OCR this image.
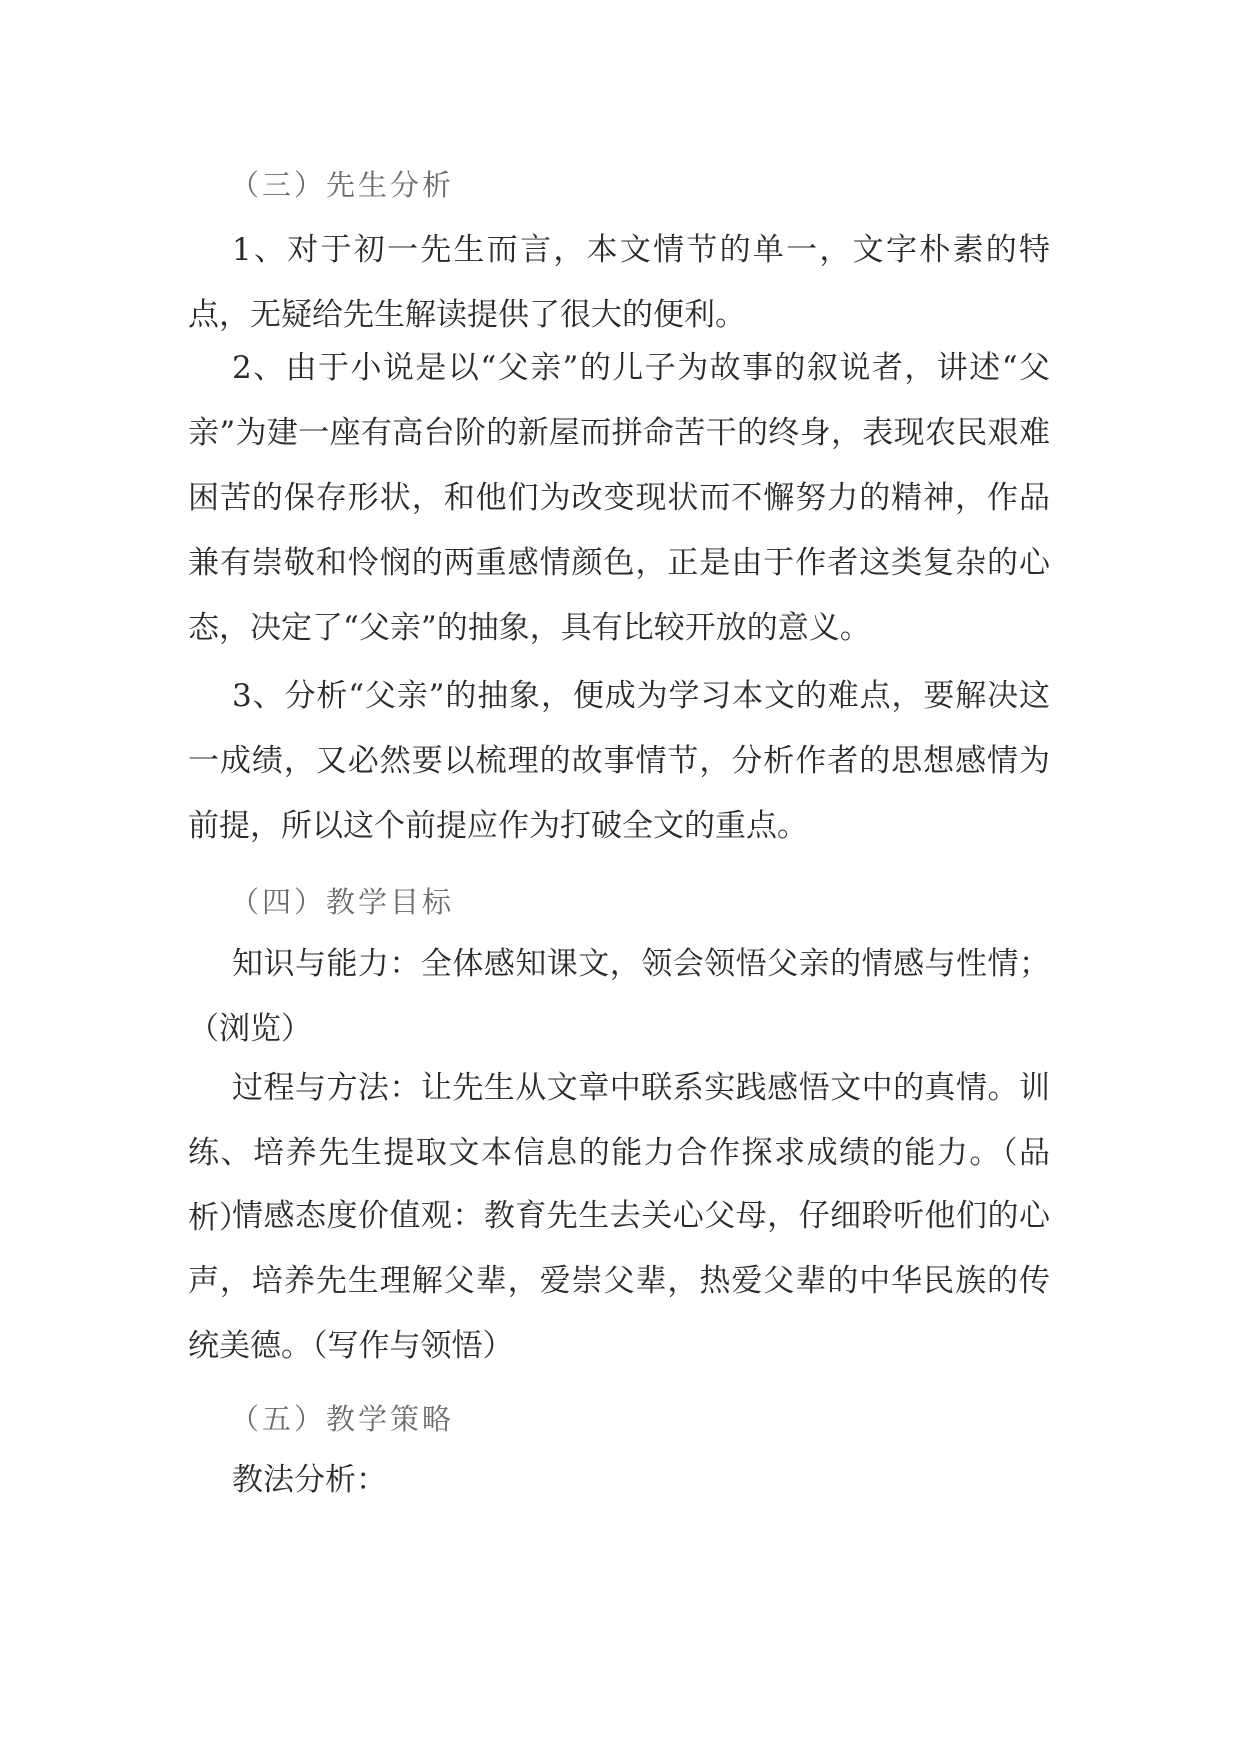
（三）先生分析
1、对于初一先生而言，本文情节的单一，文字朴素的特点，无疑给先生解读提供了很大的便利。
2、由于小说是以“父亲”的儿子为故事的叙说者，讲述“父亲”为建一座有高台阶的新屋而拼命苦干的终身，表现农民艰难困苦的保存形状，和他们为改变现状而不懈努力的精神，作品兼有崇敬和怜悯的两重感情颜色，正是由于作者这类复杂的心态，决定了“父亲”的抽象，具有比较开放的意义。
3、分析“父亲”的抽象，便成为学习本文的难点，要解决这一成绩，又必然要以梳理的故事情节，分析作者的思想感情为前提，所以这个前提应作为打破全文的重点。
（四）教学目标
知识与能力：全体感知课文，领会领悟父亲的情感与性情；（浏览）
过程与方法：让先生从文章中联系实践感悟文中的真情。训练、培养先生提取文本信息的能力合作探求成绩的能力。（品析）
情感态度价值观：教育先生去关心父母，仔细聆听他们的心声，培养先生理解父辈，爱崇父辈，热爱父辈的中华民族的传统美德。（写作与领悟）
（五）教学策略
教法分析：
